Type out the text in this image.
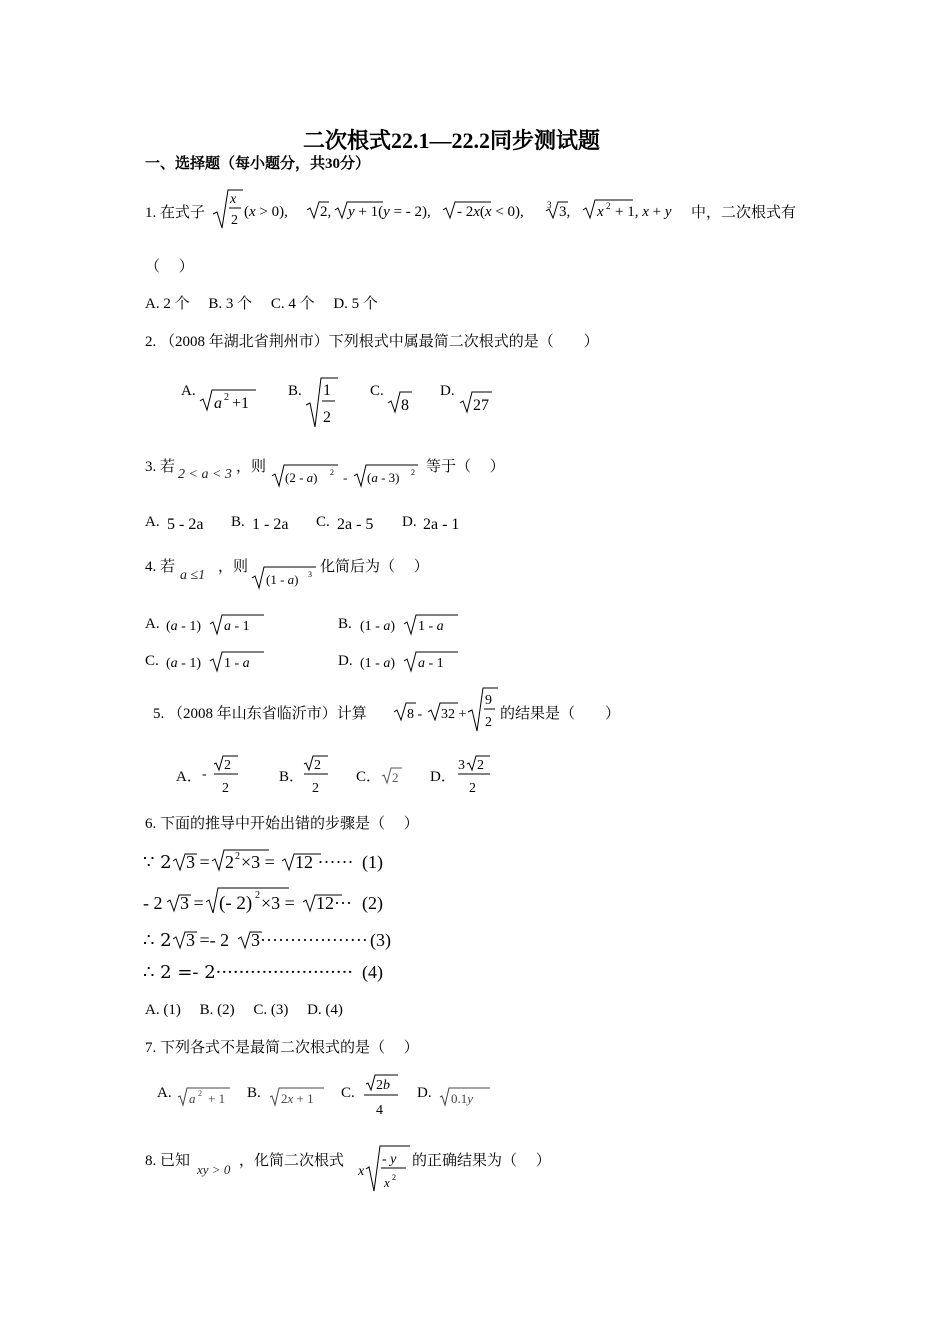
二次根式22.1—22.2同步测试题
一、选择题（每小题分，共30分）
1. 在式子
x
2
(x > 0), 2, y + 1(y = - 2), - 2x(x < 0),	3 3, x 2 + 1, x + y 中，二次根式有
（　 ）
A. 2 个　 B. 3 个　 C. 4 个　 D. 5 个
2. （2008 年湖北省荆州市）下列根式中属最简二次根式的是（　　）
A.
a 2 +1
B. 1
2
C.
8
D.
27
3. 若 2 < a < 3 ，则
(2 - a) 2 - (a - 3) 2 等于（　 ）
A. 5 - 2a B. 1 - 2a C. 2a - 5 D. 2a - 1
4. 若
a ≤1
，则
(1 - a) 3 化简后为（　 ）
A. (a - 1) a - 1	B. (1 - a) 1 - a
C. (a - 1) 1 - a	D. (1 - a) a - 1
5. （2008 年山东省临沂市）计算	8 - 32 +
9
2
的结果是（　　）
A． -
2
2
B．
2
2
C． 2 D．
3 2
2
6. 下面的推导中开始出错的步骤是（　 ）
∵ 2 3 = 2 2 ×3 = 12 ······
- 2 3 = (- 2) 2 ×3 = 12···
∴ 2 3 =- 2 3··················
∴ 2 =- 2························
(1)
(2)
(3)
(4)
A. (1)　 B. (2)　 C. (3)　 D. (4)
7. 下列各式不是最简二次根式的是（　 ）
A. a 2 + 1 B. 2x + 1 C. 2b
4
D. 0.1y
8. 已知
xy > 0
，化简二次根式
x
- y
x 2
的正确结果为（　 ）
